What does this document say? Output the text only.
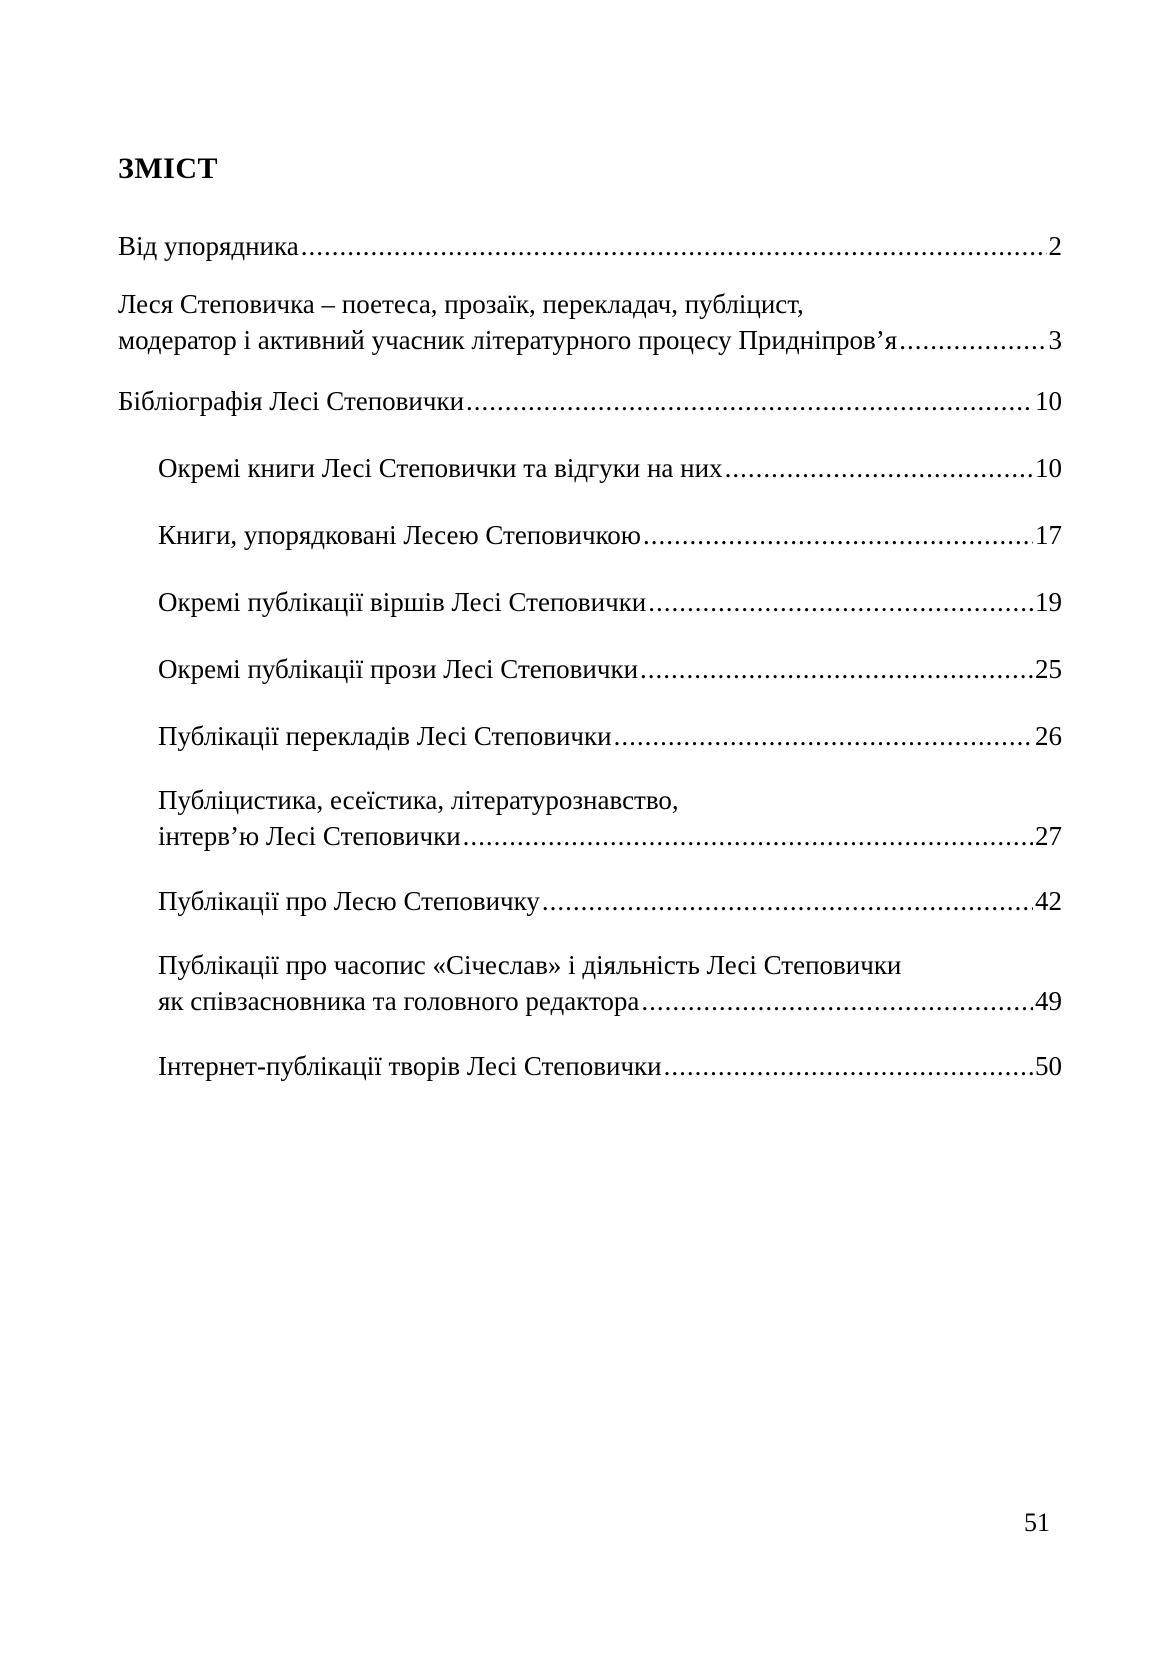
ЗМІСТ
Від упорядника .....	2
Леся Степовичка – поетеса, прозаїк, перекладач, публіцист,
модератор і активний учасник літературного процесу Придніпров’я .....	3
Бібліографія Лесі Степовички .....	10
Окремі книги Лесі Степовички та відгуки на них .....	10
Книги, упорядковані Лесею Степовичкою .....	17
Окремі публікації віршів Лесі Степовички .....	19
Окремі публікації прози Лесі Степовички .....	25
Публікації перекладів Лесі Степовички .....	26
Публіцистика, есеїстика, літературознавство,
інтерв’ю Лесі Степовички .....	27
Публікації про Лесю Степовичку .....	42
Публікації про часопис «Січеслав» і діяльність Лесі Степовички
як співзасновника та головного редактора .....	49
Інтернет-публікації творів Лесі Степовички .....	50
51
